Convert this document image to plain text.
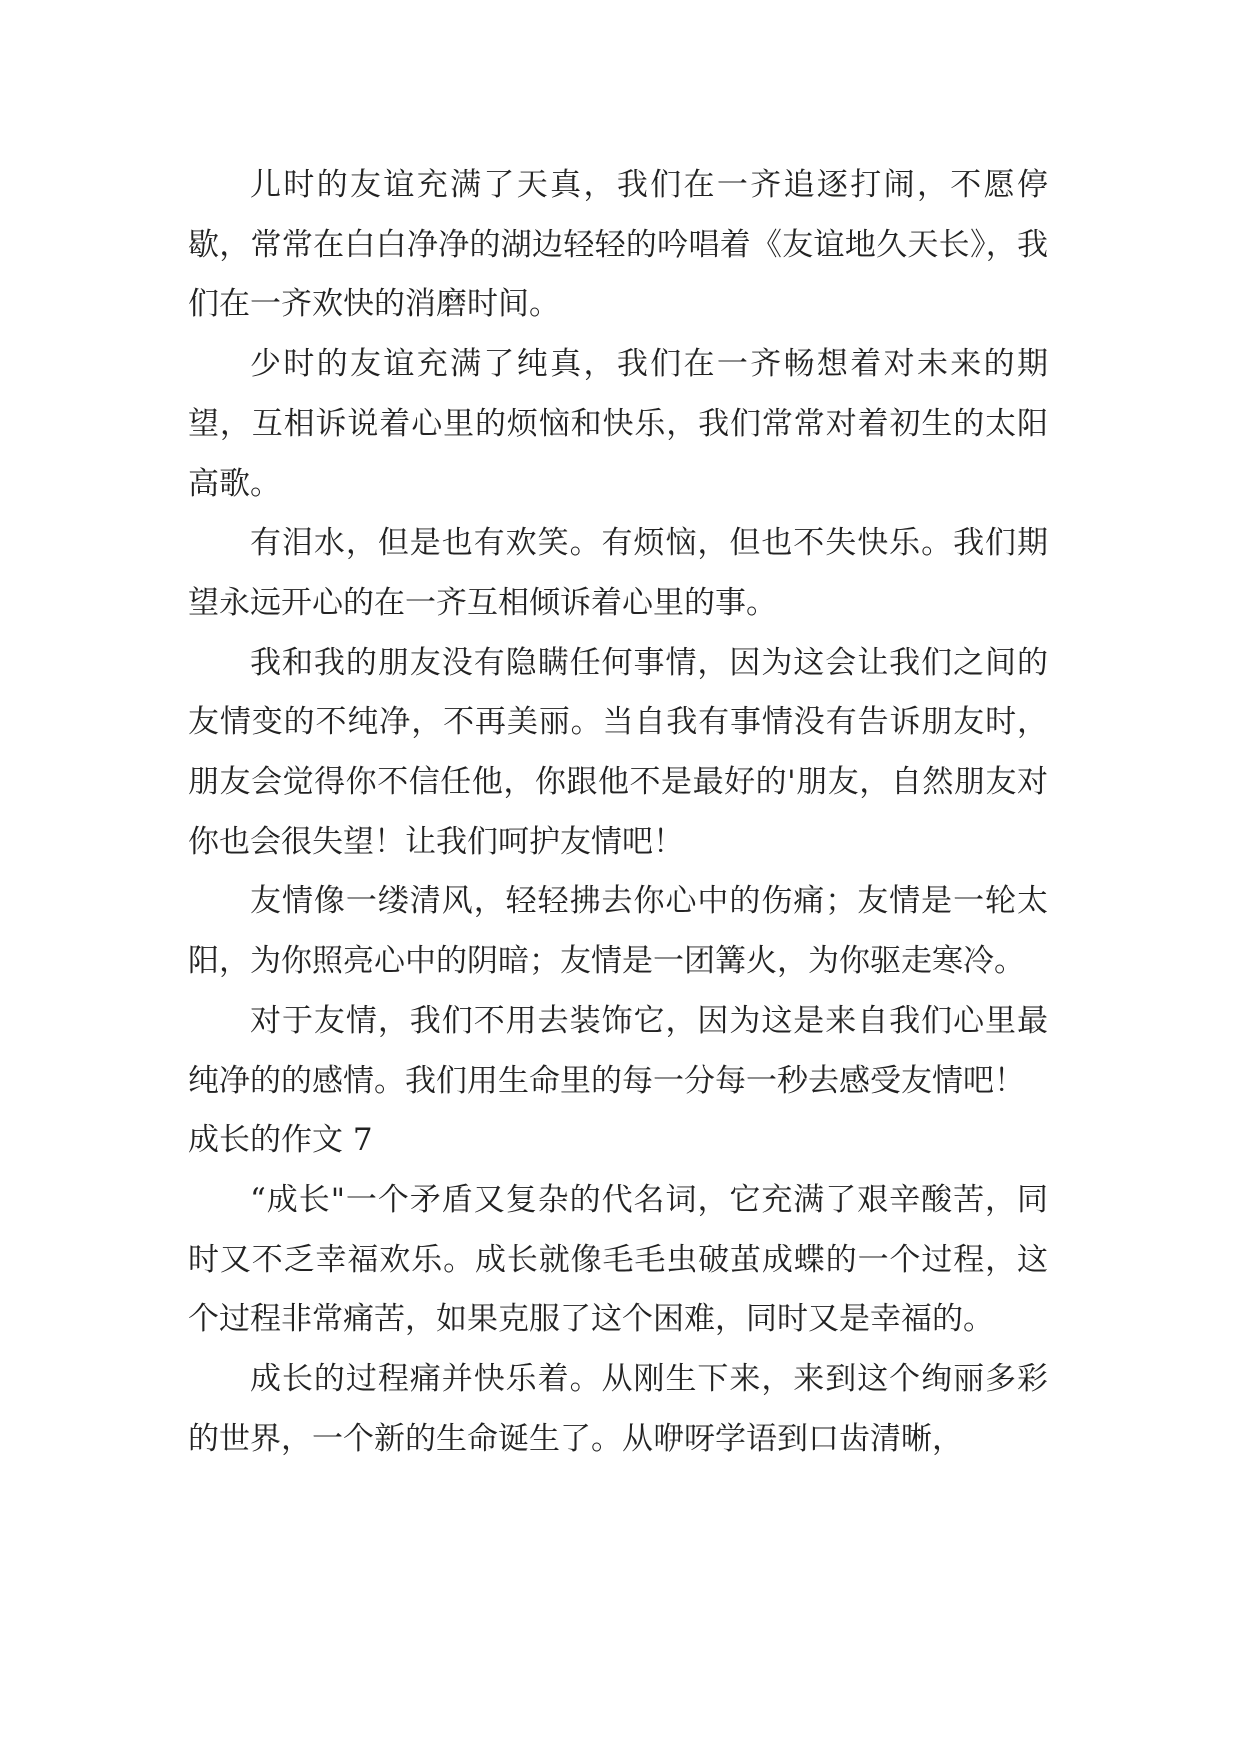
儿时的友谊充满了天真，我们在一齐追逐打闹，不愿停歇，常常在白白净净的湖边轻轻的吟唱着《友谊地久天长》，我们在一齐欢快的消磨时间。

少时的友谊充满了纯真，我们在一齐畅想着对未来的期望，互相诉说着心里的烦恼和快乐，我们常常对着初生的太阳高歌。

有泪水，但是也有欢笑。有烦恼，但也不失快乐。我们期望永远开心的在一齐互相倾诉着心里的事。

我和我的朋友没有隐瞒任何事情，因为这会让我们之间的友情变的不纯净，不再美丽。当自我有事情没有告诉朋友时，朋友会觉得你不信任他，你跟他不是最好的'朋友，自然朋友对你也会很失望！让我们呵护友情吧！

友情像一缕清风，轻轻拂去你心中的伤痛；友情是一轮太阳，为你照亮心中的阴暗；友情是一团篝火，为你驱走寒冷。

对于友情，我们不用去装饰它，因为这是来自我们心里最纯净的的感情。我们用生命里的每一分每一秒去感受友情吧！

成长的作文 7

“成长"一个矛盾又复杂的代名词，它充满了艰辛酸苦，同时又不乏幸福欢乐。成长就像毛毛虫破茧成蝶的一个过程，这个过程非常痛苦，如果克服了这个困难，同时又是幸福的。

成长的过程痛并快乐着。从刚生下来，来到这个绚丽多彩的世界，一个新的生命诞生了。从咿呀学语到口齿清晰，
